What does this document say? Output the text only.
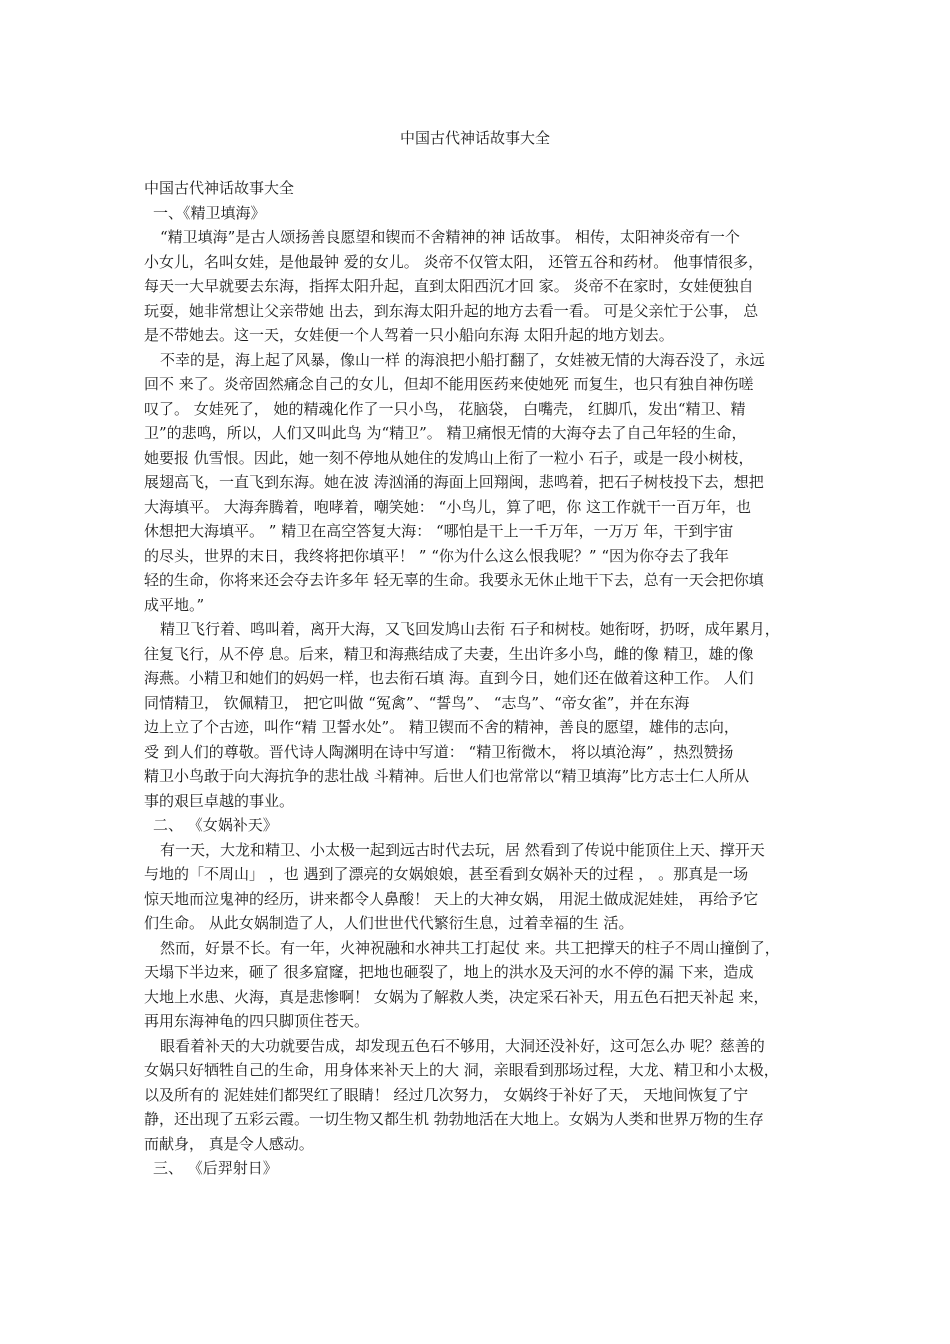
中国古代神话故事大全
中国古代神话故事大全
一、《精卫填海》
“精卫填海”是古人颂扬善良愿望和锲而不舍精神的神 话故事。 相传，太阳神炎帝有一个
小女儿，名叫女娃，是他最钟 爱的女儿。 炎帝不仅管太阳， 还管五谷和药材。 他事情很多，
每天一大早就要去东海，指挥太阳升起，直到太阳西沉才回 家。 炎帝不在家时，女娃便独自
玩耍，她非常想让父亲带她 出去，到东海太阳升起的地方去看一看。 可是父亲忙于公事， 总
是不带她去。这一天，女娃便一个人驾着一只小船向东海 太阳升起的地方划去。
不幸的是，海上起了风暴，像山一样 的海浪把小船打翻了，女娃被无情的大海吞没了，永远
回不 来了。炎帝固然痛念自己的女儿，但却不能用医药来使她死 而复生，也只有独自神伤嗟
叹了。 女娃死了， 她的精魂化作了一只小鸟， 花脑袋， 白嘴壳， 红脚爪，发出“精卫、精
卫”的悲鸣，所以，人们又叫此鸟 为“精卫”。 精卫痛恨无情的大海夺去了自己年轻的生命，
她要报 仇雪恨。因此，她一刻不停地从她住的发鸠山上衔了一粒小 石子，或是一段小树枝，
展翅高飞，一直飞到东海。她在波 涛汹涌的海面上回翔闽，悲鸣着，把石子树枝投下去，想把
大海填平。 大海奔腾着，咆哮着，嘲笑她： “小鸟儿，算了吧，你 这工作就干一百万年，也
休想把大海填平。 ” 精卫在高空答复大海： “哪怕是干上一千万年，一万万 年，干到宇宙
的尽头，世界的末日，我终将把你填平！ ” “你为什么这么恨我呢？” “因为你夺去了我年
轻的生命，你将来还会夺去许多年 轻无辜的生命。我要永无休止地干下去，总有一天会把你填
成平地。”
精卫飞行着、鸣叫着，离开大海，又飞回发鸠山去衔 石子和树枝。她衔呀，扔呀，成年累月，
往复飞行，从不停 息。后来，精卫和海燕结成了夫妻，生出许多小鸟，雌的像 精卫，雄的像
海燕。小精卫和她们的妈妈一样，也去衔石填 海。直到今日，她们还在做着这种工作。 人们
同情精卫， 钦佩精卫， 把它叫做 “冤禽”、“誓鸟”、 “志鸟”、“帝女雀”，并在东海
边上立了个古迹，叫作“精 卫誓水处”。 精卫锲而不舍的精神，善良的愿望，雄伟的志向，
受 到人们的尊敬。晋代诗人陶渊明在诗中写道： “精卫衔微木， 将以填沧海” ，热烈赞扬
精卫小鸟敢于向大海抗争的悲壮战 斗精神。后世人们也常常以“精卫填海”比方志士仁人所从
事的艰巨卓越的事业。
二、 《女娲补天》
有一天，大龙和精卫、小太极一起到远古时代去玩，居 然看到了传说中能顶住上天、撑开天
与地的「不周山」 ，也 遇到了漂亮的女娲娘娘，甚至看到女娲补天的过程 ， 。那真是一场
惊天地而泣鬼神的经历，讲来都令人鼻酸！ 天上的大神女娲， 用泥土做成泥娃娃， 再给予它
们生命。 从此女娲制造了人，人们世世代代繁衍生息，过着幸福的生 活。
然而，好景不长。有一年，火神祝融和水神共工打起仗 来。共工把撑天的柱子不周山撞倒了，
天塌下半边来，砸了 很多窟窿，把地也砸裂了，地上的洪水及天河的水不停的漏 下来，造成
大地上水患、火海，真是悲惨啊！ 女娲为了解救人类，决定采石补天，用五色石把天补起 来，
再用东海神龟的四只脚顶住苍天。
眼看着补天的大功就要告成，却发现五色石不够用，大洞还没补好，这可怎么办 呢？慈善的
女娲只好牺牲自己的生命，用身体来补天上的大 洞，亲眼看到那场过程，大龙、精卫和小太极，
以及所有的 泥娃娃们都哭红了眼睛！ 经过几次努力， 女娲终于补好了天， 天地间恢复了宁
静，还出现了五彩云霞。一切生物又都生机 勃勃地活在大地上。女娲为人类和世界万物的生存
而献身， 真是令人感动。
三、 《后羿射日》
